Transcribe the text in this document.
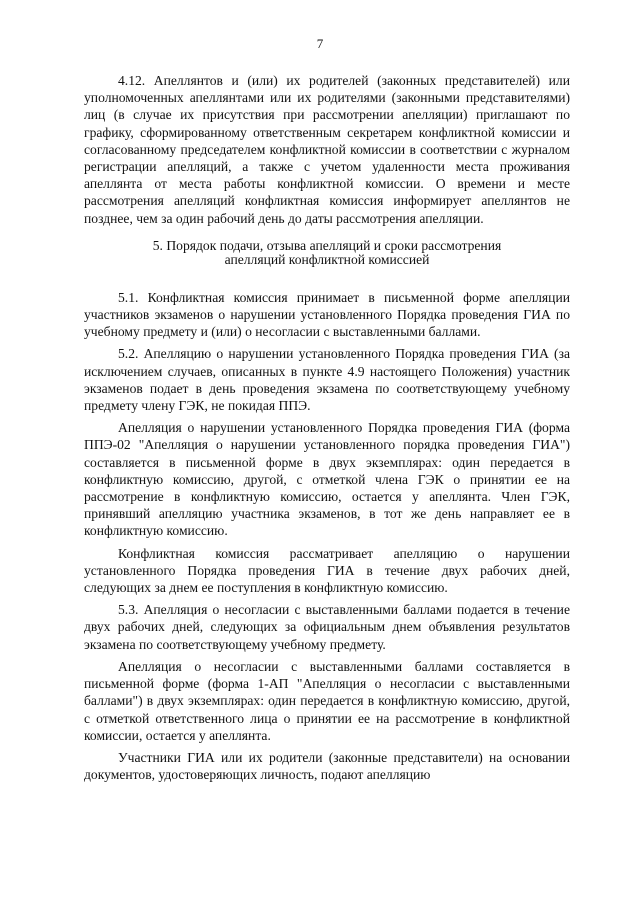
7

4.12. Апеллянтов и (или) их родителей (законных представителей) или уполномоченных апеллянтами или их родителями (законными представителями) лиц (в случае их присутствия при рассмотрении апелляции) приглашают по графику, сформированному ответственным секретарем конфликтной комиссии и согласованному председателем конфликтной комиссии в соответствии с журналом регистрации апелляций, а также с учетом удаленности места проживания апеллянта от места работы конфликтной комиссии. О времени и месте рассмотрения апелляций конфликтная комиссия информирует апеллянтов не позднее, чем за один рабочий день до даты рассмотрения апелляции.

5. Порядок подачи, отзыва апелляций и сроки рассмотрения
апелляций конфликтной комиссией

5.1. Конфликтная комиссия принимает в письменной форме апелляции участников экзаменов о нарушении установленного Порядка проведения ГИА по учебному предмету и (или) о несогласии с выставленными баллами.

5.2. Апелляцию о нарушении установленного Порядка проведения ГИА (за исключением случаев, описанных в пункте 4.9 настоящего Положения) участник экзаменов подает в день проведения экзамена по соответствующему учебному предмету члену ГЭК, не покидая ППЭ.

Апелляция о нарушении установленного Порядка проведения ГИА (форма ППЭ-02 "Апелляция о нарушении установленного порядка проведения ГИА") составляется в письменной форме в двух экземплярах: один передается в конфликтную комиссию, другой, с отметкой члена ГЭК о принятии ее на рассмотрение в конфликтную комиссию, остается у апеллянта. Член ГЭК, принявший апелляцию участника экзаменов, в тот же день направляет ее в конфликтную комиссию.

Конфликтная комиссия рассматривает апелляцию о нарушении установленного Порядка проведения ГИА в течение двух рабочих дней, следующих за днем ее поступления в конфликтную комиссию.

5.3. Апелляция о несогласии с выставленными баллами подается в течение двух рабочих дней, следующих за официальным днем объявления результатов экзамена по соответствующему учебному предмету.

Апелляция о несогласии с выставленными баллами составляется в письменной форме (форма 1-АП "Апелляция о несогласии с выставленными баллами") в двух экземплярах: один передается в конфликтную комиссию, другой, с отметкой ответственного лица о принятии ее на рассмотрение в конфликтной комиссии, остается у апеллянта.

Участники ГИА или их родители (законные представители) на основании документов, удостоверяющих личность, подают апелляцию
